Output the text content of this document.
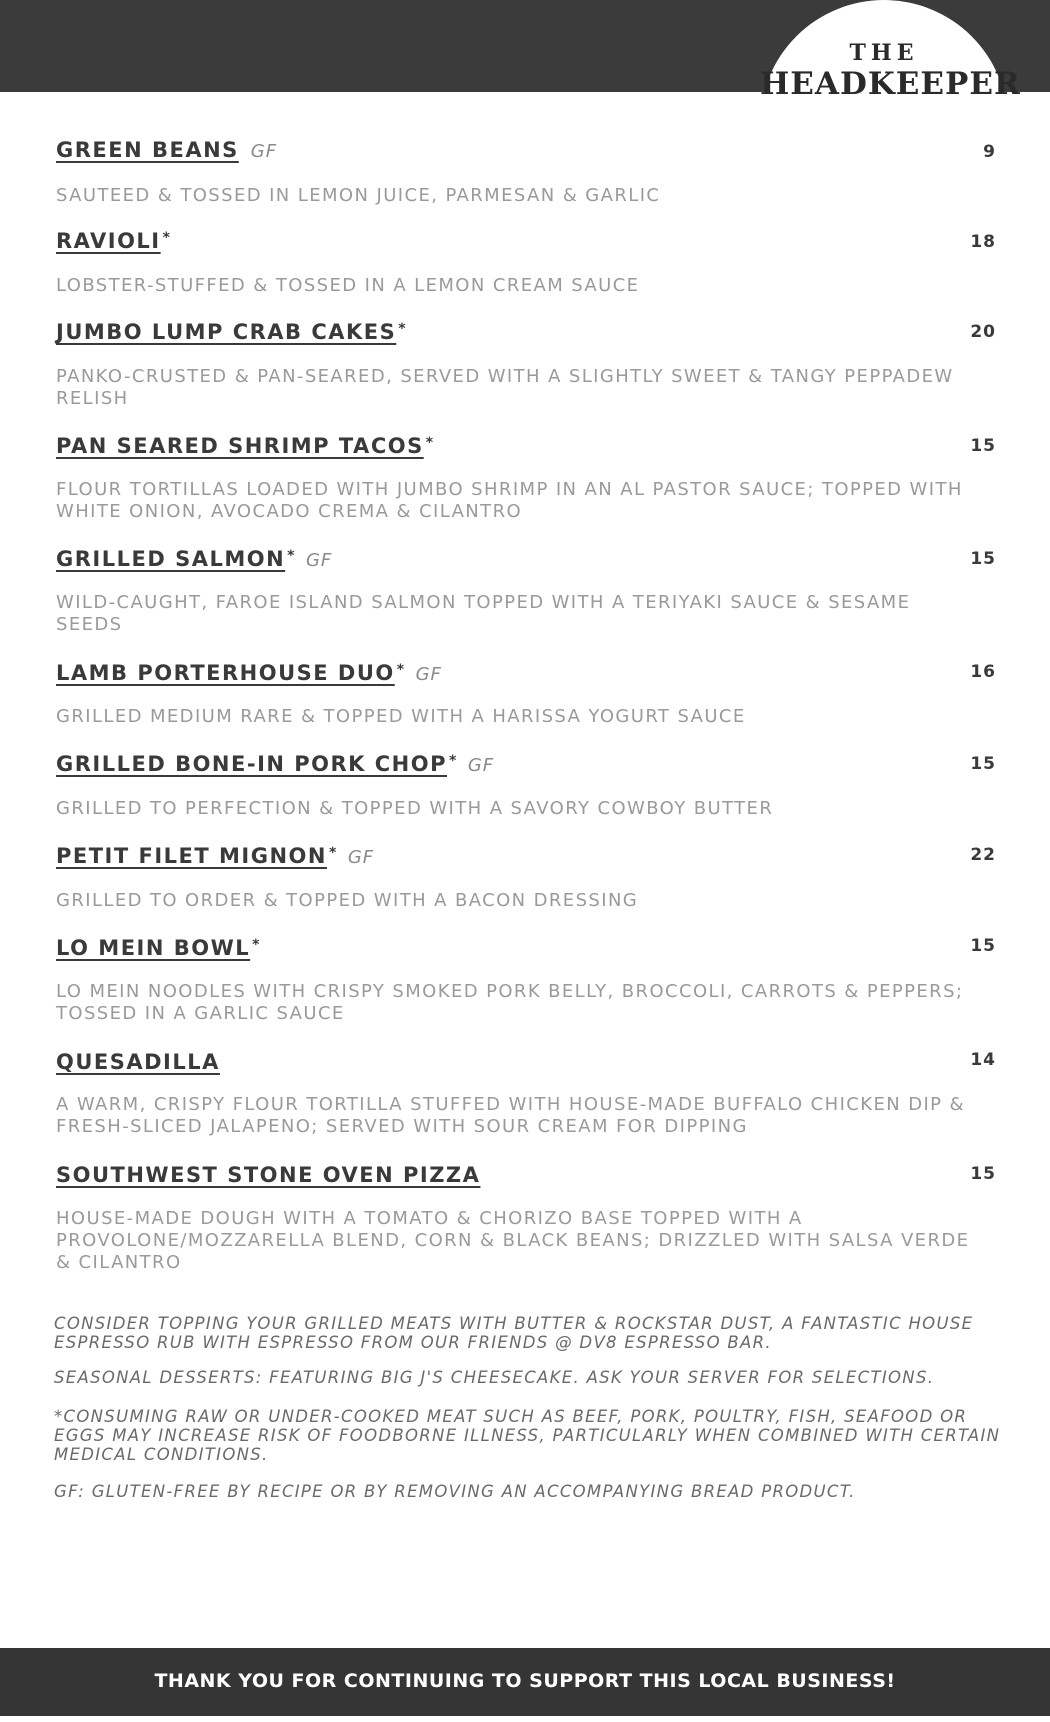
THE
HEADKEEPER
GREEN BEANS GF	9
SAUTEED & TOSSED IN LEMON JUICE, PARMESAN & GARLIC
RAVIOLI *	18
LOBSTER-STUFFED & TOSSED IN A LEMON CREAM SAUCE
JUMBO LUMP CRAB CAKES *	20
PANKO-CRUSTED & PAN-SEARED, SERVED WITH A SLIGHTLY SWEET & TANGY PEPPADEW RELISH
PAN SEARED SHRIMP TACOS *	15
FLOUR TORTILLAS LOADED WITH JUMBO SHRIMP IN AN AL PASTOR SAUCE; TOPPED WITH WHITE ONION, AVOCADO CREMA & CILANTRO
GRILLED SALMON * GF	15
WILD-CAUGHT, FAROE ISLAND SALMON TOPPED WITH A TERIYAKI SAUCE & SESAME SEEDS
LAMB PORTERHOUSE DUO * GF	16
GRILLED MEDIUM RARE & TOPPED WITH A HARISSA YOGURT SAUCE
GRILLED BONE-IN PORK CHOP * GF	15
GRILLED TO PERFECTION & TOPPED WITH A SAVORY COWBOY BUTTER
PETIT FILET MIGNON * GF	22
GRILLED TO ORDER & TOPPED WITH A BACON DRESSING
LO MEIN BOWL *	15
LO MEIN NOODLES WITH CRISPY SMOKED PORK BELLY, BROCCOLI, CARROTS & PEPPERS; TOSSED IN A GARLIC SAUCE
QUESADILLA	14
A WARM, CRISPY FLOUR TORTILLA STUFFED WITH HOUSE-MADE BUFFALO CHICKEN DIP & FRESH-SLICED JALAPENO; SERVED WITH SOUR CREAM FOR DIPPING
SOUTHWEST STONE OVEN PIZZA	15
HOUSE-MADE DOUGH WITH A TOMATO & CHORIZO BASE TOPPED WITH A PROVOLONE/MOZZARELLA BLEND, CORN & BLACK BEANS; DRIZZLED WITH SALSA VERDE & CILANTRO
CONSIDER TOPPING YOUR GRILLED MEATS WITH BUTTER & ROCKSTAR DUST, A FANTASTIC HOUSE ESPRESSO RUB WITH ESPRESSO FROM OUR FRIENDS @ DV8 ESPRESSO BAR.
SEASONAL DESSERTS: FEATURING BIG J'S CHEESECAKE. ASK YOUR SERVER FOR SELECTIONS.
*CONSUMING RAW OR UNDER-COOKED MEAT SUCH AS BEEF, PORK, POULTRY, FISH, SEAFOOD OR EGGS MAY INCREASE RISK OF FOODBORNE ILLNESS, PARTICULARLY WHEN COMBINED WITH CERTAIN MEDICAL CONDITIONS.
GF: GLUTEN-FREE BY RECIPE OR BY REMOVING AN ACCOMPANYING BREAD PRODUCT.
THANK YOU FOR CONTINUING TO SUPPORT THIS LOCAL BUSINESS!
